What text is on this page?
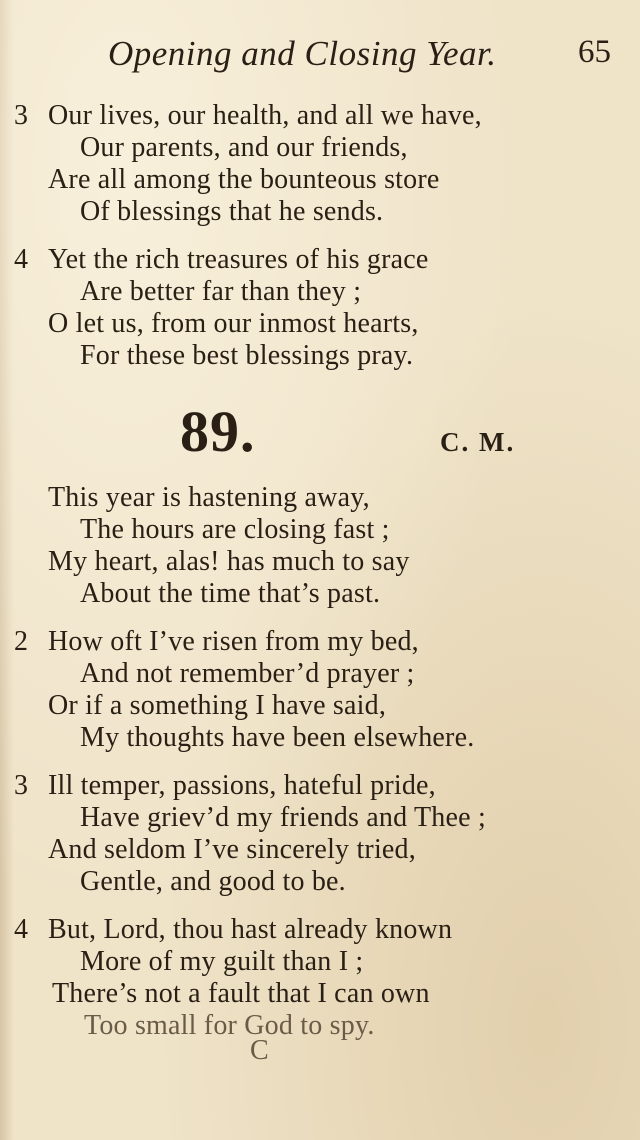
Opening and Closing Year. 65
3 Our lives, our health, and all we have,
Our parents, and our friends,
Are all among the bounteous store
Of blessings that he sends.
4 Yet the rich treasures of his grace
Are better far than they ;
O let us, from our inmost hearts,
For these best blessings pray.
89.	C. M.
This year is hastening away,
The hours are closing fast ;
My heart, alas! has much to say
About the time that’s past.
2 How oft I’ve risen from my bed,
And not remember’d prayer ;
Or if a something I have said,
My thoughts have been elsewhere.
3 Ill temper, passions, hateful pride,
Have griev’d my friends and Thee ;
And seldom I’ve sincerely tried,
Gentle, and good to be.
4 But, Lord, thou hast already known
More of my guilt than I ;
There’s not a fault that I can own
Too small for God to spy.
C
